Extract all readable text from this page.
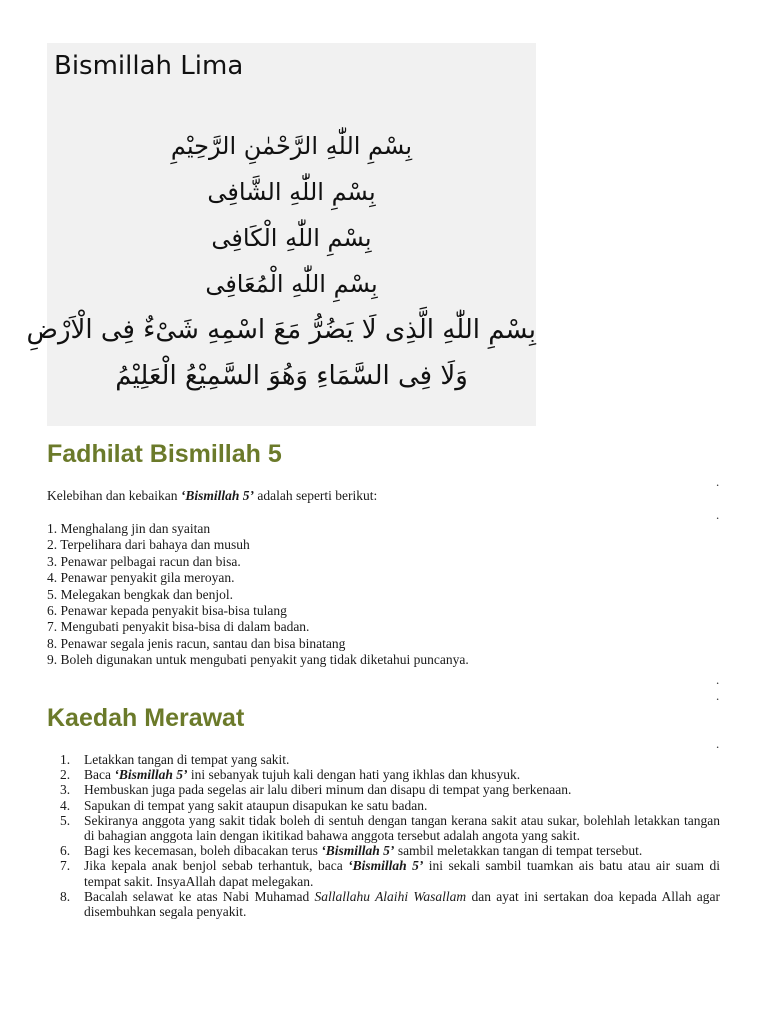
Bismillah Lima
بِسْمِ اللّٰهِ الرَّحْمٰنِ الرَّحِيْمِ
بِسْمِ اللّٰهِ الشَّافِى
بِسْمِ اللّٰهِ الْكَافِى
بِسْمِ اللّٰهِ الْمُعَافِى
بِسْمِ اللّٰهِ الَّذِى لَا يَضُرُّ مَعَ اسْمِهِ شَىْءٌ فِى الْاَرْضِ
وَلَا فِى السَّمَاءِ وَهُوَ السَّمِيْعُ الْعَلِيْمُ
Fadhilat Bismillah 5
.
.
Kelebihan dan kebaikan ‘Bismillah 5’ adalah seperti berikut:
1. Menghalang jin dan syaitan
2. Terpelihara dari bahaya dan musuh
3. Penawar pelbagai racun dan bisa.
4. Penawar penyakit gila meroyan.
5. Melegakan bengkak dan benjol.
6. Penawar kepada penyakit bisa-bisa tulang
7. Mengubati penyakit bisa-bisa di dalam badan.
8. Penawar segala jenis racun, santau dan bisa binatang
9. Boleh digunakan untuk mengubati penyakit yang tidak diketahui puncanya.
.
.
Kaedah Merawat
.
1. Letakkan tangan di tempat yang sakit.
2. Baca ‘Bismillah 5’ ini sebanyak tujuh kali dengan hati yang ikhlas dan khusyuk.
3. Hembuskan juga pada segelas air lalu diberi minum dan disapu di tempat yang berkenaan.
4. Sapukan di tempat yang sakit ataupun disapukan ke satu badan.
5. Sekiranya anggota yang sakit tidak boleh di sentuh dengan tangan kerana sakit atau sukar, bolehlah letakkan tangan di bahagian anggota lain dengan ikitikad bahawa anggota tersebut adalah angota yang sakit.
6. Bagi kes kecemasan, boleh dibacakan terus ‘Bismillah 5’ sambil meletakkan tangan di tempat tersebut.
7. Jika kepala anak benjol sebab terhantuk, baca ‘Bismillah 5’ ini sekali sambil tuamkan ais batu atau air suam di tempat sakit. InsyaAllah dapat melegakan.
8. Bacalah selawat ke atas Nabi Muhamad Sallallahu Alaihi Wasallam dan ayat ini sertakan doa kepada Allah agar disembuhkan segala penyakit.
